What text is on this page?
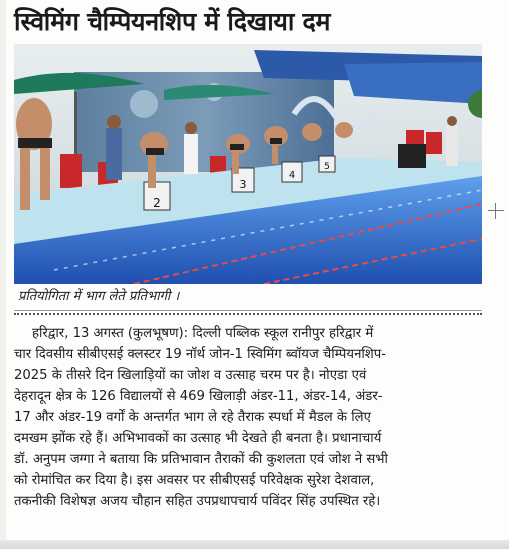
स्विमिंग चैम्पियनशिप में दिखाया दम
2
3
4
5
प्रतियोगिता में भाग लेते प्रतिभागी ।
हरिद्वार, 13 अगस्त (कुलभूषण): दिल्ली पब्लिक स्कूल रानीपुर हरिद्वार में
चार दिवसीय सीबीएसई क्लस्टर 19 नॉर्थ जोन-1 स्विमिंग ब्वॉयज चैम्पियनशिप-
2025 के तीसरे दिन खिलाड़ियों का जोश व उत्साह चरम पर है। नोएडा एवं
देहरादून क्षेत्र के 126 विद्यालयों से 469 खिलाड़ी अंडर-11, अंडर-14, अंडर-
17 और अंडर-19 वर्गों के अन्तर्गत भाग ले रहे तैराक स्पर्धा में मैडल के लिए
दमखम झोंक रहे हैं। अभिभावकों का उत्साह भी देखते ही बनता है। प्रधानाचार्य
डॉ. अनुपम जग्गा ने बताया कि प्रतिभावान तैराकों की कुशलता एवं जोश ने सभी
को रोमांचित कर दिया है। इस अवसर पर सीबीएसई परिवेक्षक सुरेश देशवाल,
तकनीकी विशेषज्ञ अजय चौहान सहित उपप्रधापचार्य पविंदर सिंह उपस्थित रहे।
